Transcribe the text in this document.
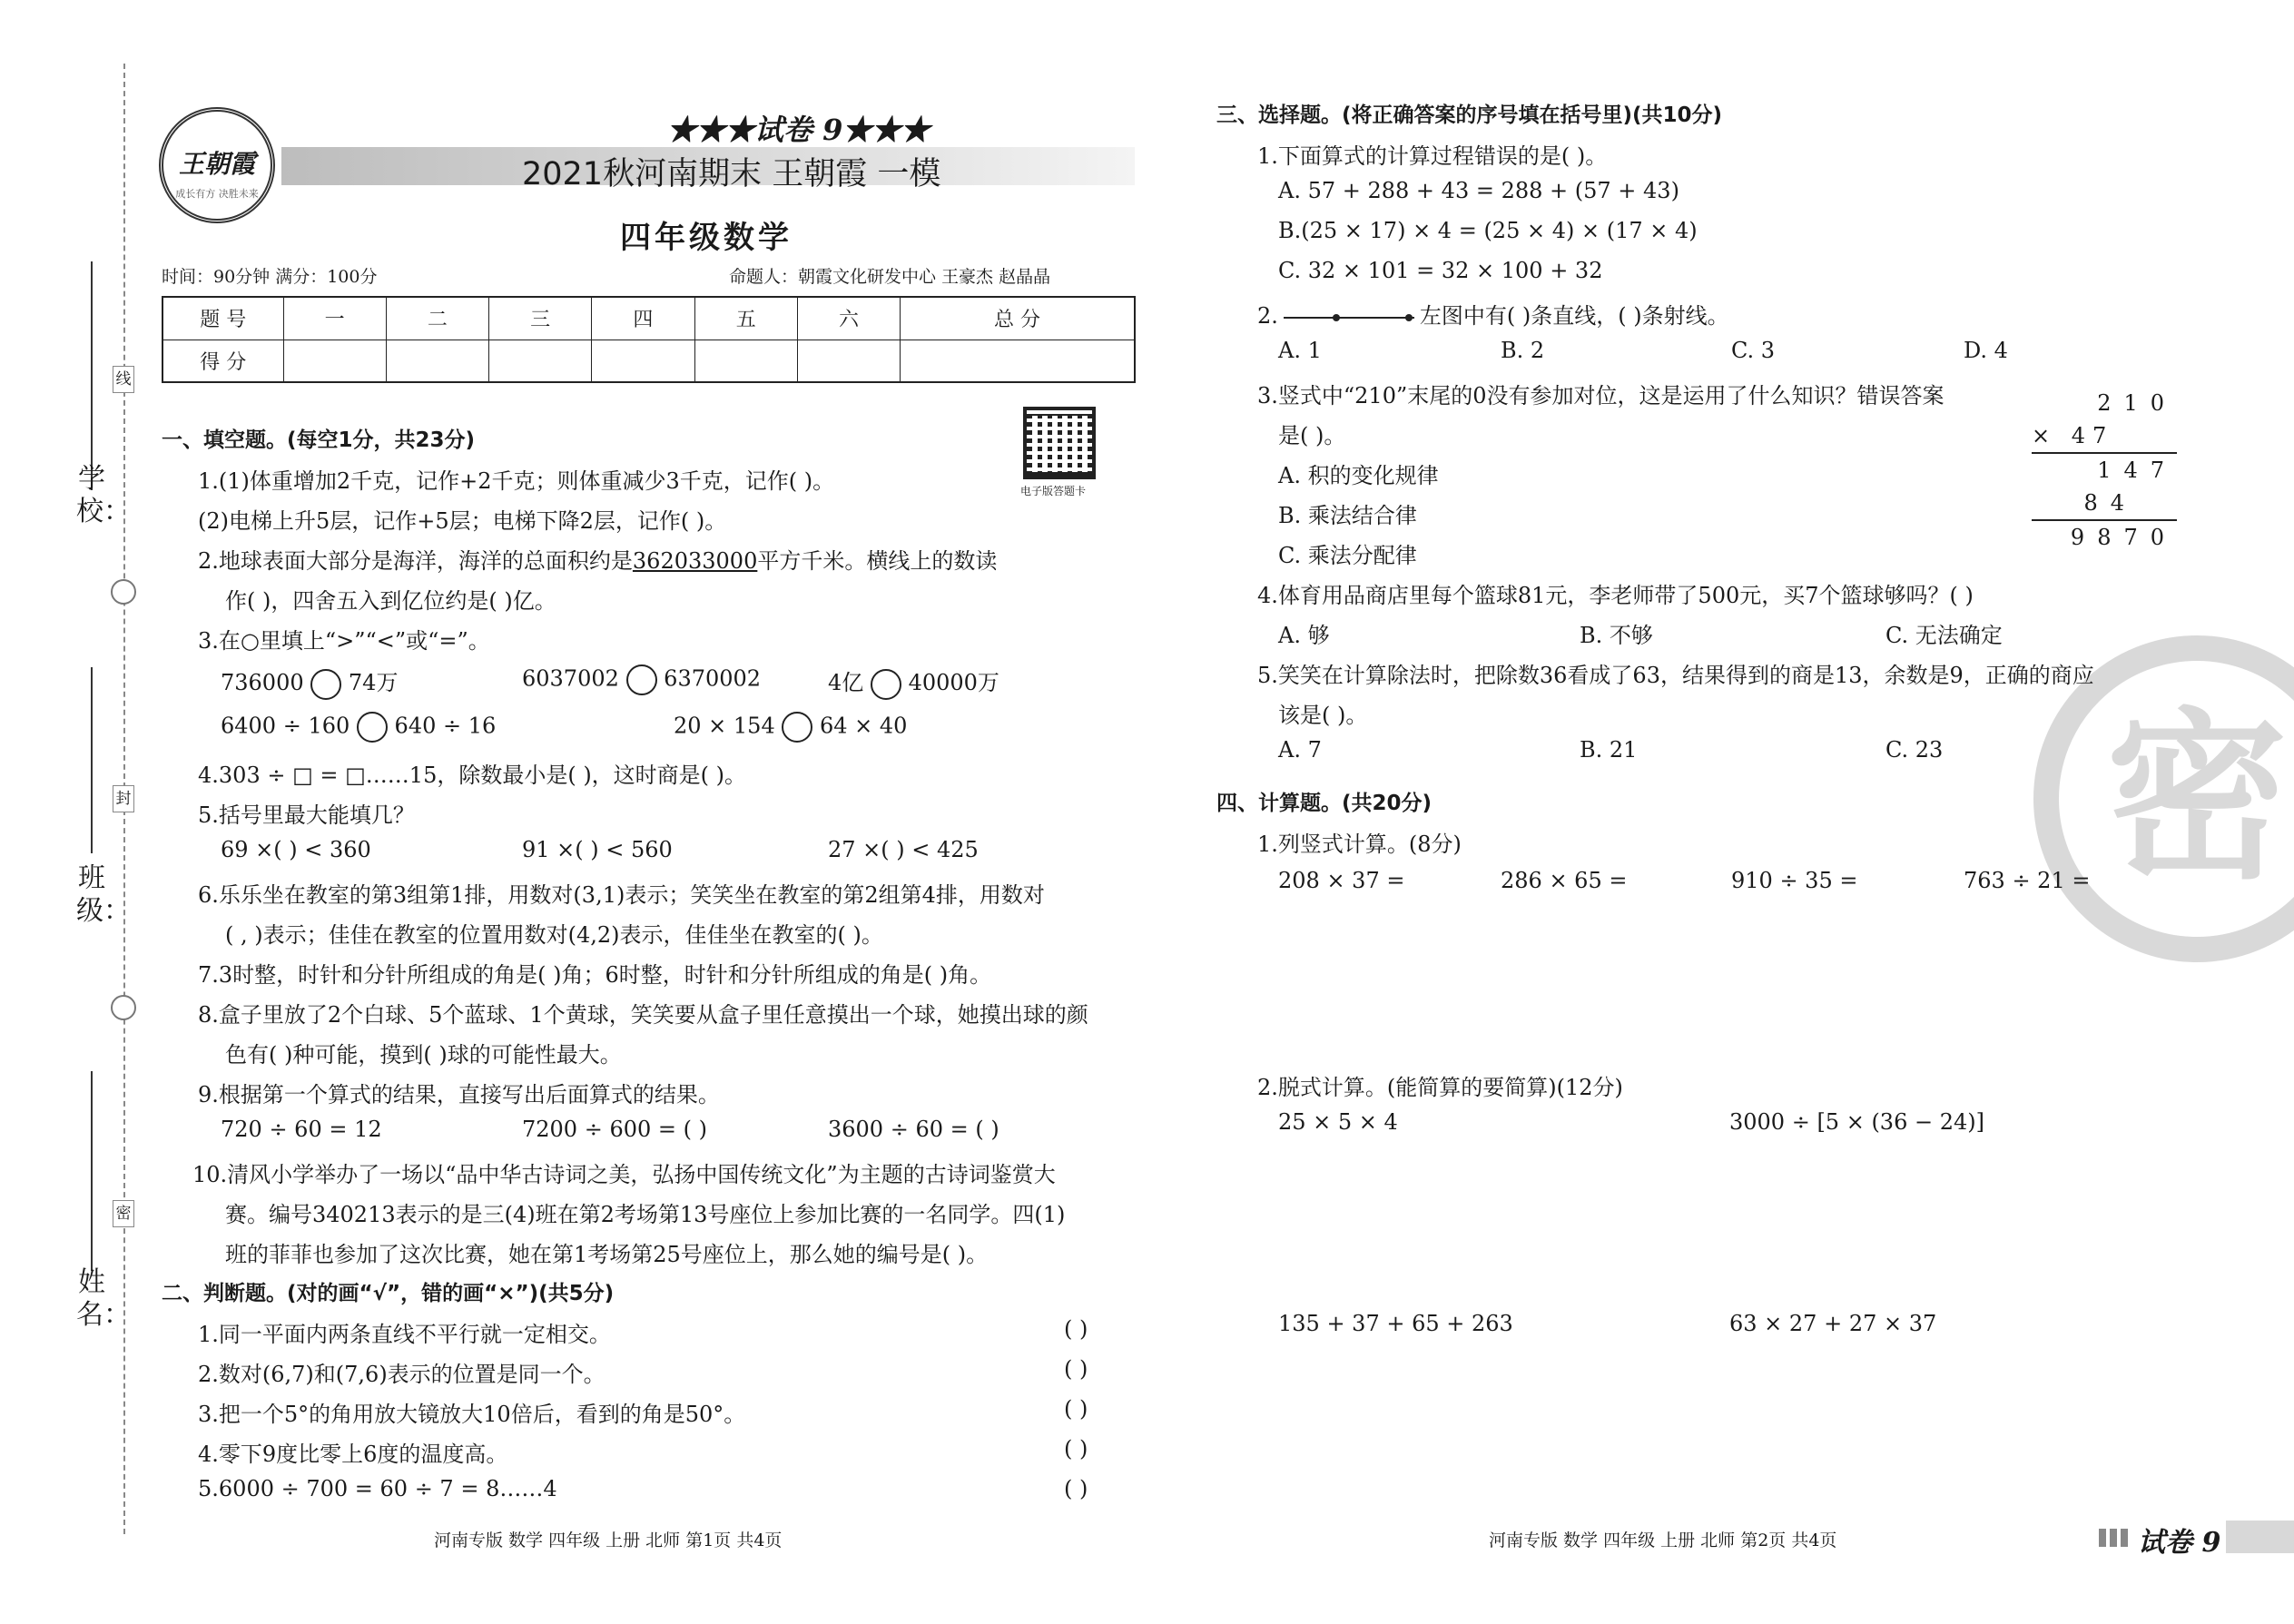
学校：
班级：
姓名：
线
封
密
王朝霞
成长有方 决胜未来
★★★试卷 9★★★
2021秋河南期末 王朝霞 一模
四年级数学
时间：90分钟 满分：100分	命题人：朝霞文化研发中心 王豪杰 赵晶晶
题 号	一	二	三	四	五	六	总 分
得 分							
电子版答题卡
一、填空题。(每空1分，共23分)
1.(1)体重增加2千克，记作+2千克；则体重减少3千克，记作( )。
(2)电梯上升5层，记作+5层；电梯下降2层，记作( )。
2.地球表面大部分是海洋，海洋的总面积约是362033000平方千米。横线上的数读
作( )，四舍五入到亿位约是( )亿。
3.在○里填上“>”“<”或“=”。
736000 74万	6037002 6370002	4亿 40000万
6400 ÷ 160 640 ÷ 16	20 × 154 64 × 40
4.303 ÷ □ = □……15，除数最小是( )，这时商是( )。
5.括号里最大能填几？
69 ×( ) < 360	91 ×( ) < 560	27 ×( ) < 425
6.乐乐坐在教室的第3组第1排，用数对(3,1)表示；笑笑坐在教室的第2组第4排，用数对
( , )表示；佳佳在教室的位置用数对(4,2)表示，佳佳坐在教室的( )。
7.3时整，时针和分针所组成的角是( )角；6时整，时针和分针所组成的角是( )角。
8.盒子里放了2个白球、5个蓝球、1个黄球，笑笑要从盒子里任意摸出一个球，她摸出球的颜
色有( )种可能，摸到( )球的可能性最大。
9.根据第一个算式的结果，直接写出后面算式的结果。
720 ÷ 60 = 12	7200 ÷ 600 = ( )	3600 ÷ 60 = ( )
10.清风小学举办了一场以“品中华古诗词之美，弘扬中国传统文化”为主题的古诗词鉴赏大
赛。编号340213表示的是三(4)班在第2考场第13号座位上参加比赛的一名同学。四(1)
班的菲菲也参加了这次比赛，她在第1考场第25号座位上，那么她的编号是( )。
二、判断题。(对的画“√”，错的画“×”)(共5分)
1.同一平面内两条直线不平行就一定相交。	( )
2.数对(6,7)和(7,6)表示的位置是同一个。	( )
3.把一个5°的角用放大镜放大10倍后，看到的角是50°。	( )
4.零下9度比零上6度的温度高。	( )
5.6000 ÷ 700 = 60 ÷ 7 = 8……4	( )
密
三、选择题。(将正确答案的序号填在括号里)(共10分)
1.下面算式的计算过程错误的是( )。
A. 57 + 288 + 43 = 288 + (57 + 43)
B.(25 × 17) × 4 = (25 × 4) × (17 × 4)
C. 32 × 101 = 32 × 100 + 32
2.	左图中有( )条直线，( )条射线。
A. 1	B. 2	C. 3	D. 4
3.竖式中“210”末尾的0没有参加对位，这是运用了什么知识？错误答案
是( )。
A. 积的变化规律
B. 乘法结合律
C. 乘法分配律
210
× 47
147
84
9870
4.体育用品商店里每个篮球81元，李老师带了500元，买7个篮球够吗？( )
A. 够	B. 不够	C. 无法确定
5.笑笑在计算除法时，把除数36看成了63，结果得到的商是13，余数是9，正确的商应
该是( )。
A. 7	B. 21	C. 23
四、计算题。(共20分)
1.列竖式计算。(8分)
208 × 37 =	286 × 65 =	910 ÷ 35 =	763 ÷ 21 =
2.脱式计算。(能简算的要简算)(12分)
25 × 5 × 4	3000 ÷ [5 × (36 − 24)]
135 + 37 + 65 + 263	63 × 27 + 27 × 37
河南专版 数学 四年级 上册 北师 第1页 共4页	河南专版 数学 四年级 上册 北师 第2页 共4页	试卷 9
